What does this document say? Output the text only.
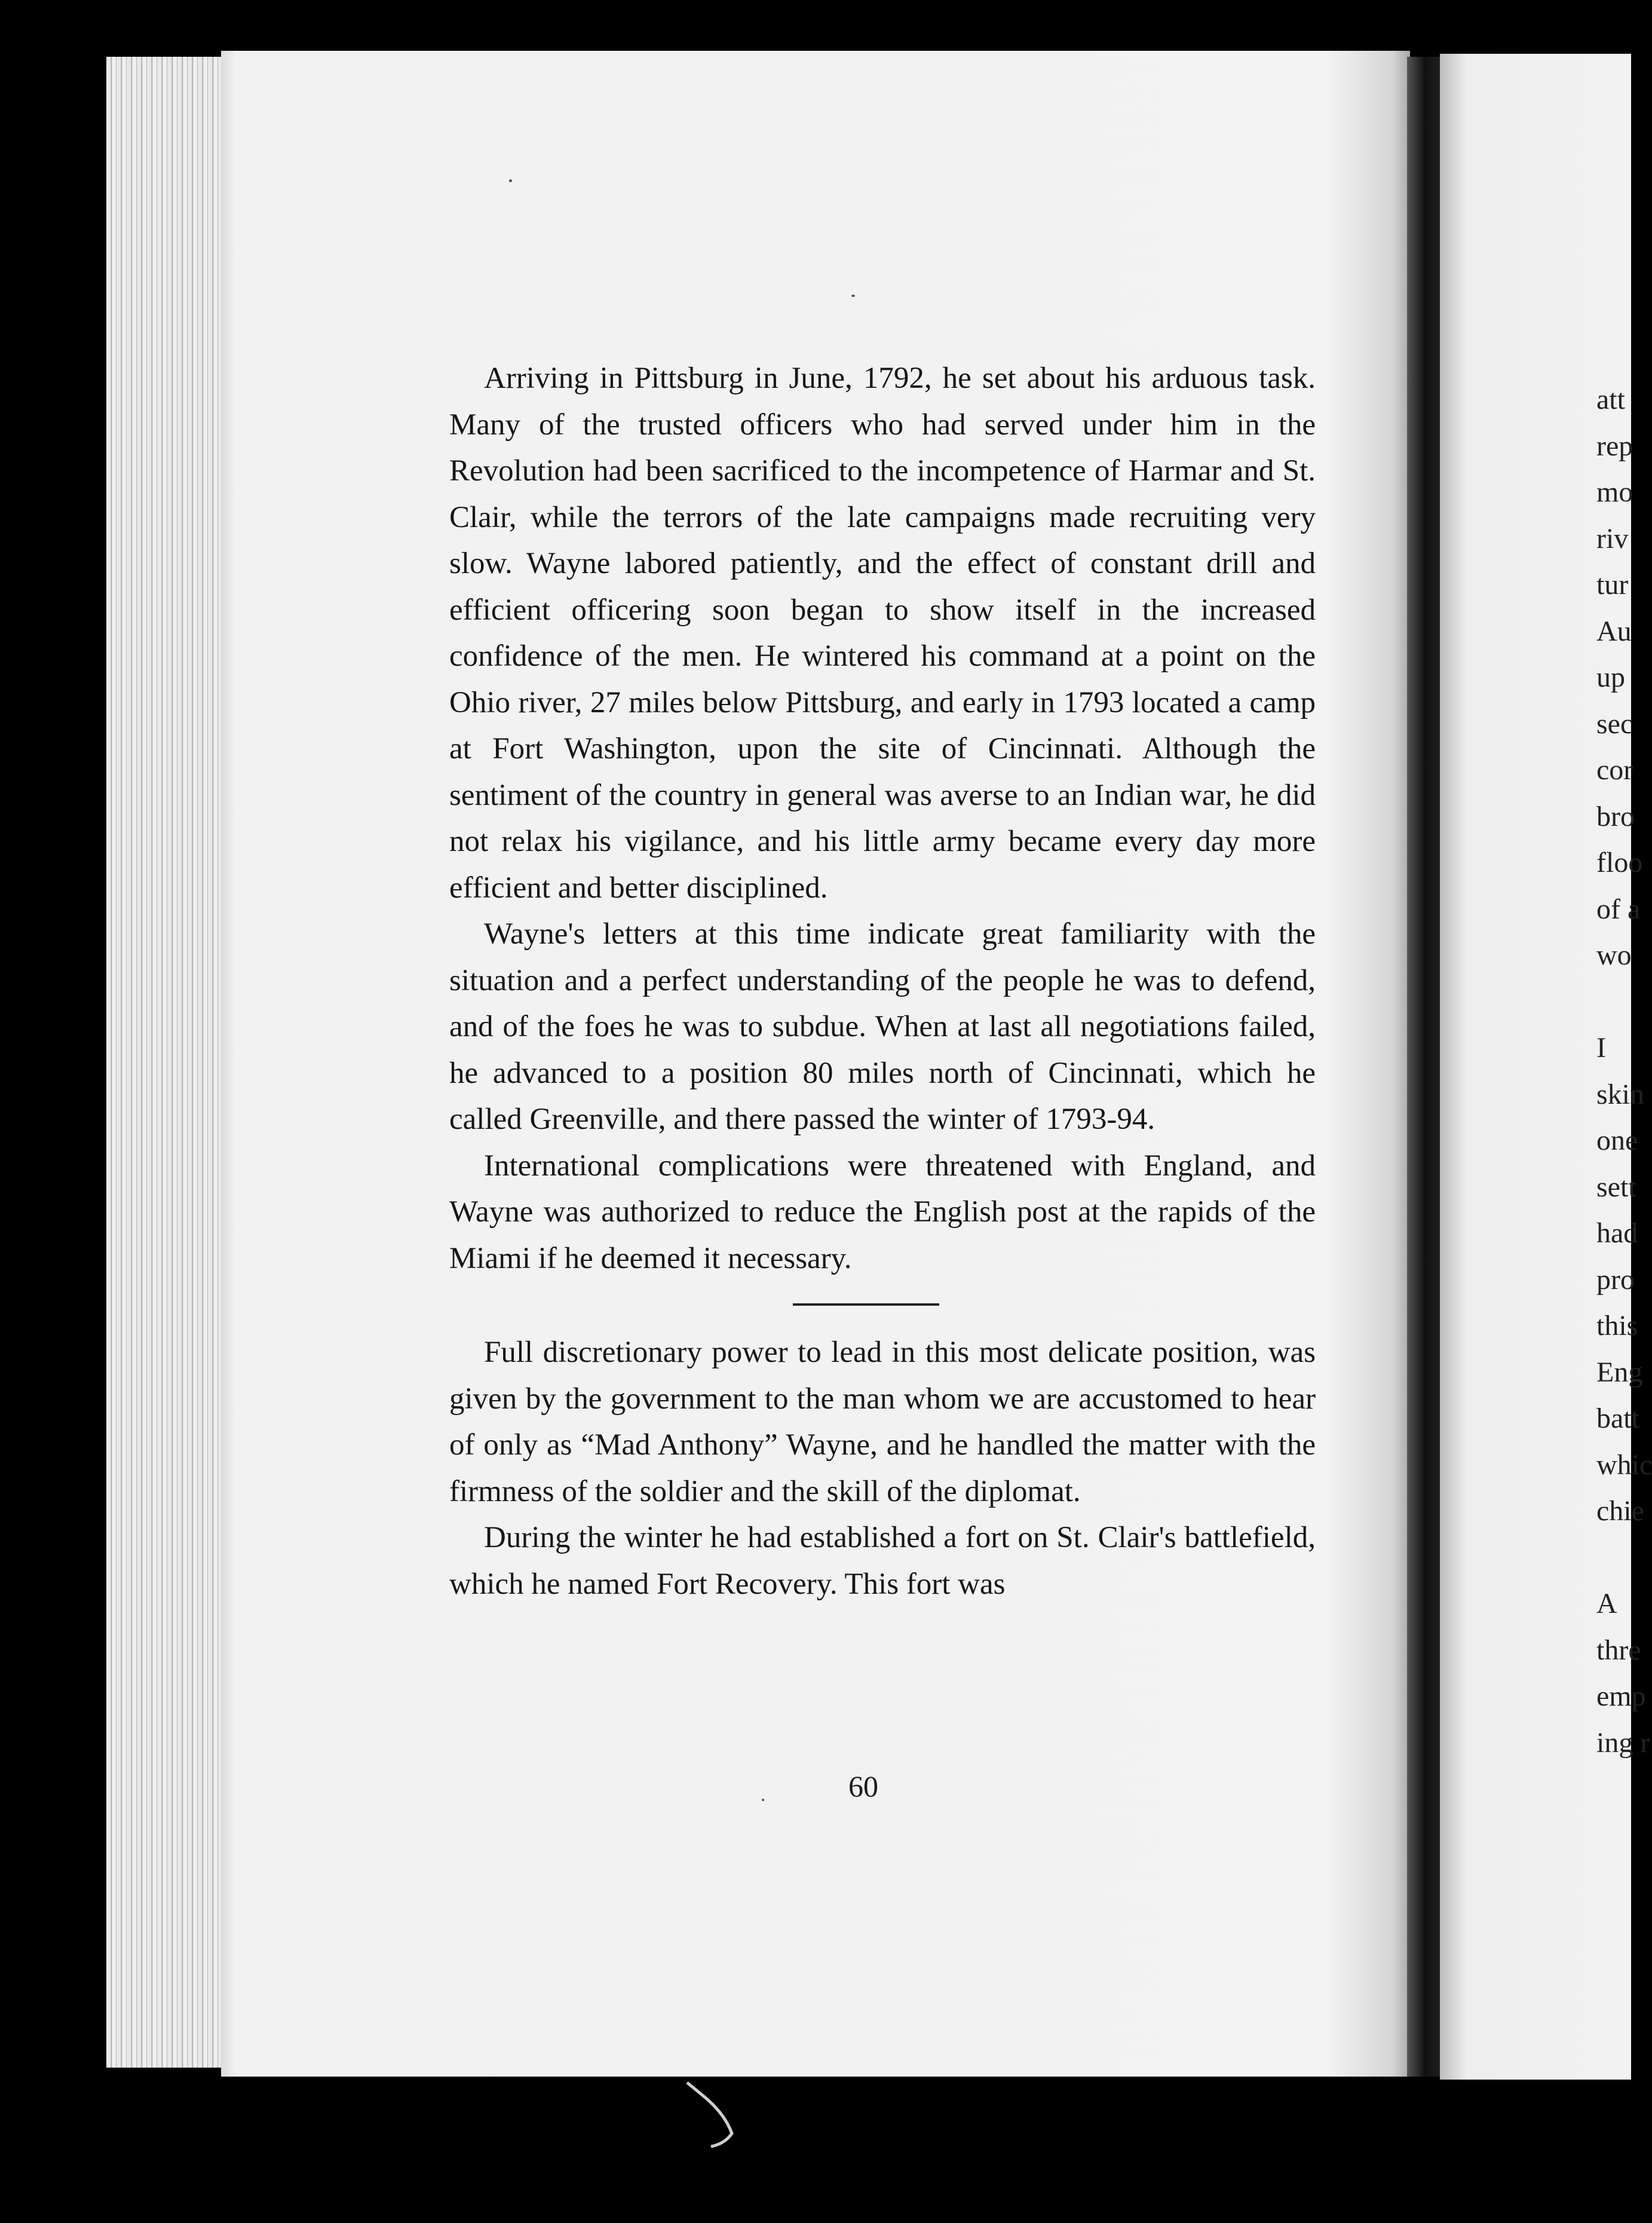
Arriving in Pittsburg in June, 1792, he set about his arduous task. Many of the trusted officers who had served under him in the Revolution had been sacrificed to the incompetence of Harmar and St. Clair, while the terrors of the late campaigns made recruiting very slow. Wayne labored patiently, and the effect of constant drill and efficient officering soon began to show itself in the increased confidence of the men. He wintered his command at a point on the Ohio river, 27 miles below Pittsburg, and early in 1793 located a camp at Fort Washington, upon the site of Cincinnati. Although the sentiment of the country in general was averse to an Indian war, he did not relax his vigilance, and his little army became every day more efficient and better disciplined.

Wayne's letters at this time indicate great familiarity with the situation and a perfect understanding of the people he was to defend, and of the foes he was to subdue. When at last all negotiations failed, he advanced to a position 80 miles north of Cincinnati, which he called Greenville, and there passed the winter of 1793-94.

International complications were threatened with England, and Wayne was authorized to reduce the English post at the rapids of the Miami if he deemed it necessary.

Full discretionary power to lead in this most delicate position, was given by the government to the man whom we are accustomed to hear of only as “Mad Anthony” Wayne, and he handled the matter with the firmness of the soldier and the skill of the diplomat.

During the winter he had established a fort on St. Clair's battlefield, which he named Fort Recovery. This fort was

60
att
rep
mo
riv
tur
Au
up
sec
cor
bro
floo
of a
wo
I
skin
one
sett
had
pro
this
Eng
batt
whic
chie
A
thre
emp
ing r
